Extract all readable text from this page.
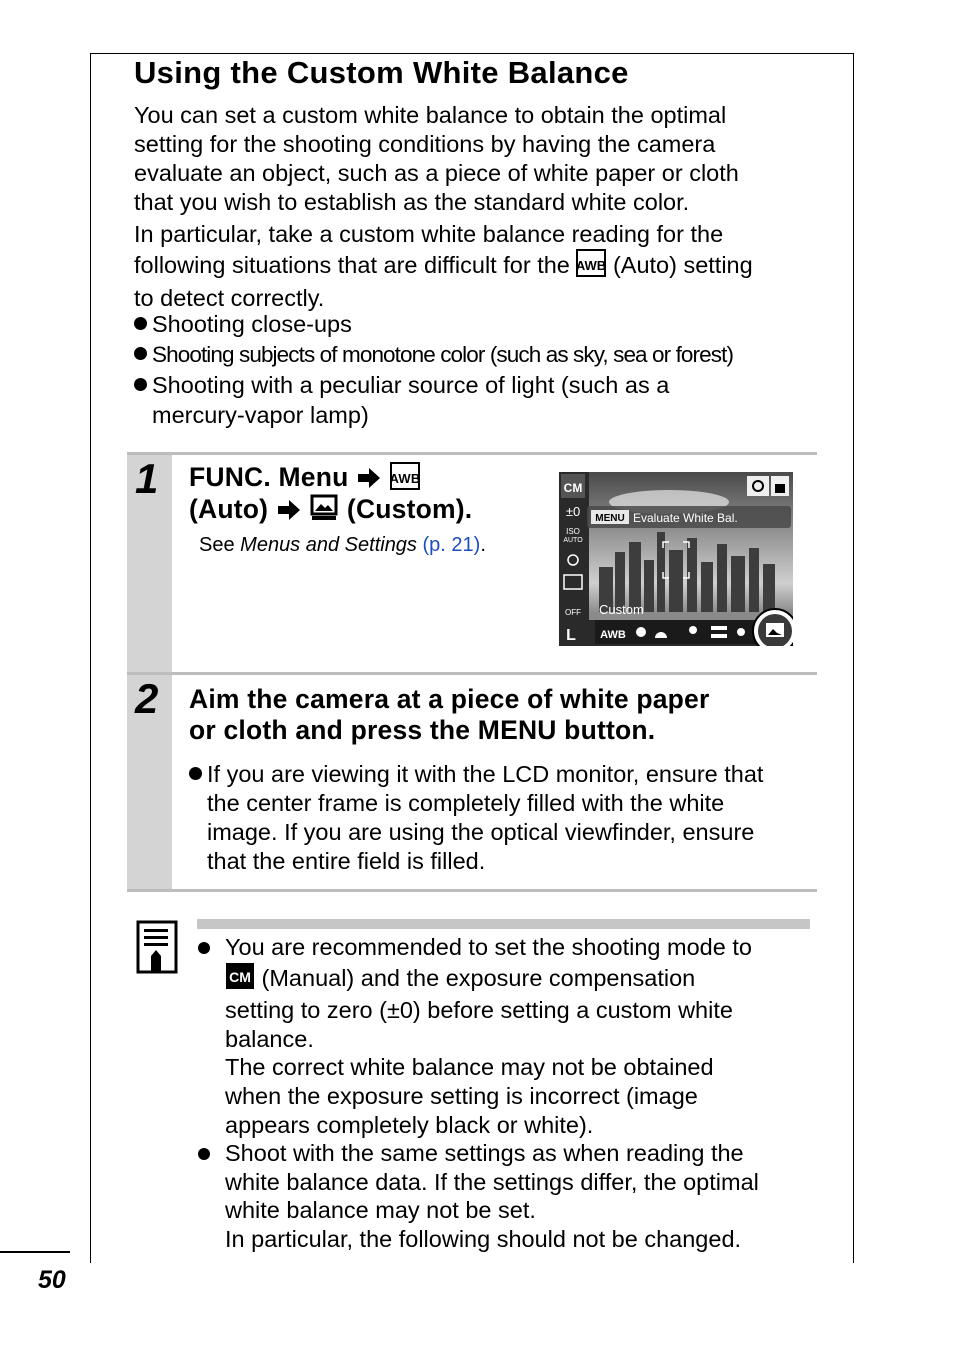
Using the Custom White Balance
You can set a custom white balance to obtain the optimal
setting for the shooting conditions by having the camera
evaluate an object, such as a piece of white paper or cloth
that you wish to establish as the standard white color.
In particular, take a custom white balance reading for the
following situations that are difficult for the AWB (Auto) setting
to detect correctly.
Shooting close-ups
Shooting subjects of monotone color (such as sky, sea or forest)
Shooting with a peculiar source of light (such as a
mercury-vapor lamp)
1 FUNC. Menu	AWB
(Auto)	(Custom).
See Menus and Settings (p. 21).
MENU Evaluate White Bal.
CM
±0
ISO
AUTO
OFF
L
Custom
AWB
2 Aim the camera at a piece of white paper
or cloth and press the MENU button.
If you are viewing it with the LCD monitor, ensure that
the center frame is completely filled with the white
image. If you are using the optical viewfinder, ensure
that the entire field is filled.
You are recommended to set the shooting mode to
CM (Manual) and the exposure compensation
setting to zero (±0) before setting a custom white
balance.
The correct white balance may not be obtained
when the exposure setting is incorrect (image
appears completely black or white).
Shoot with the same settings as when reading the
white balance data. If the settings differ, the optimal
white balance may not be set.
In particular, the following should not be changed.
50
